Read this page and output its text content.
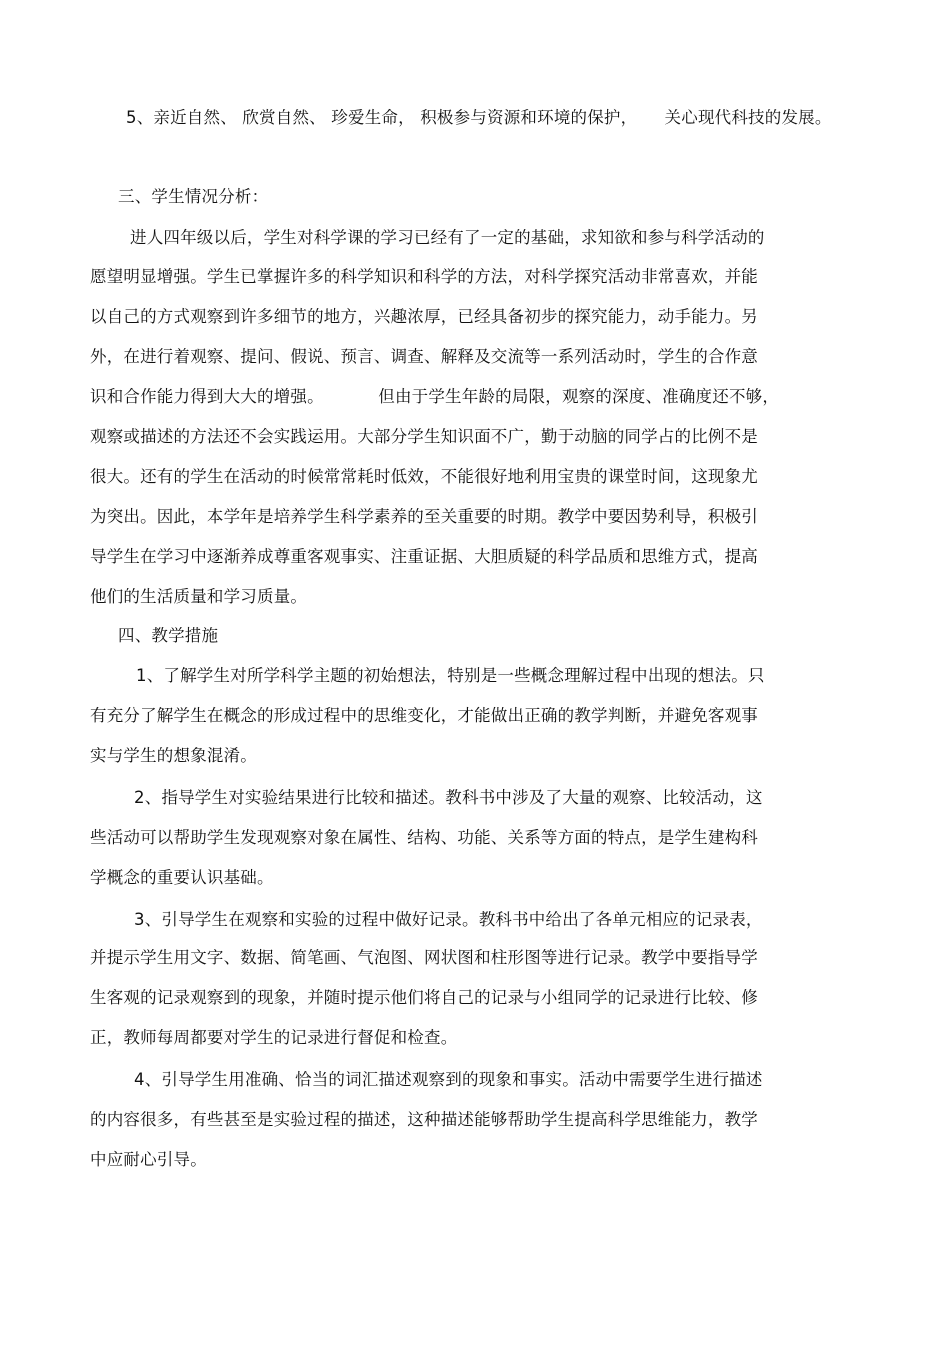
5、亲近自然、 欣赏自然、 珍爱生命， 积极参与资源和环境的保护，     关心现代科技的发展。
三、学生情况分析：
进人四年级以后，学生对科学课的学习已经有了一定的基础，求知欲和参与科学活动的
愿望明显增强。学生已掌握许多的科学知识和科学的方法，对科学探究活动非常喜欢，并能
以自己的方式观察到许多细节的地方，兴趣浓厚，已经具备初步的探究能力，动手能力。另
外，在进行着观察、提问、假说、预言、调查、解释及交流等一系列活动时，学生的合作意
识和合作能力得到大大的增强。          但由于学生年龄的局限，观察的深度、准确度还不够，
观察或描述的方法还不会实践运用。大部分学生知识面不广，勤于动脑的同学占的比例不是
很大。还有的学生在活动的时候常常耗时低效，不能很好地利用宝贵的课堂时间，这现象尤
为突出。因此，本学年是培养学生科学素养的至关重要的时期。教学中要因势利导，积极引
导学生在学习中逐渐养成尊重客观事实、注重证据、大胆质疑的科学品质和思维方式，提高
他们的生活质量和学习质量。
四、教学措施
1、了解学生对所学科学主题的初始想法，特别是一些概念理解过程中出现的想法。只
有充分了解学生在概念的形成过程中的思维变化，才能做出正确的教学判断，并避免客观事
实与学生的想象混淆。
2、指导学生对实验结果进行比较和描述。教科书中涉及了大量的观察、比较活动，这
些活动可以帮助学生发现观察对象在属性、结构、功能、关系等方面的特点，是学生建构科
学概念的重要认识基础。
3、引导学生在观察和实验的过程中做好记录。教科书中给出了各单元相应的记录表，
并提示学生用文字、数据、简笔画、气泡图、网状图和柱形图等进行记录。教学中要指导学
生客观的记录观察到的现象，并随时提示他们将自己的记录与小组同学的记录进行比较、修
正，教师每周都要对学生的记录进行督促和检查。
4、引导学生用准确、恰当的词汇描述观察到的现象和事实。活动中需要学生进行描述
的内容很多，有些甚至是实验过程的描述，这种描述能够帮助学生提高科学思维能力，教学
中应耐心引导。
